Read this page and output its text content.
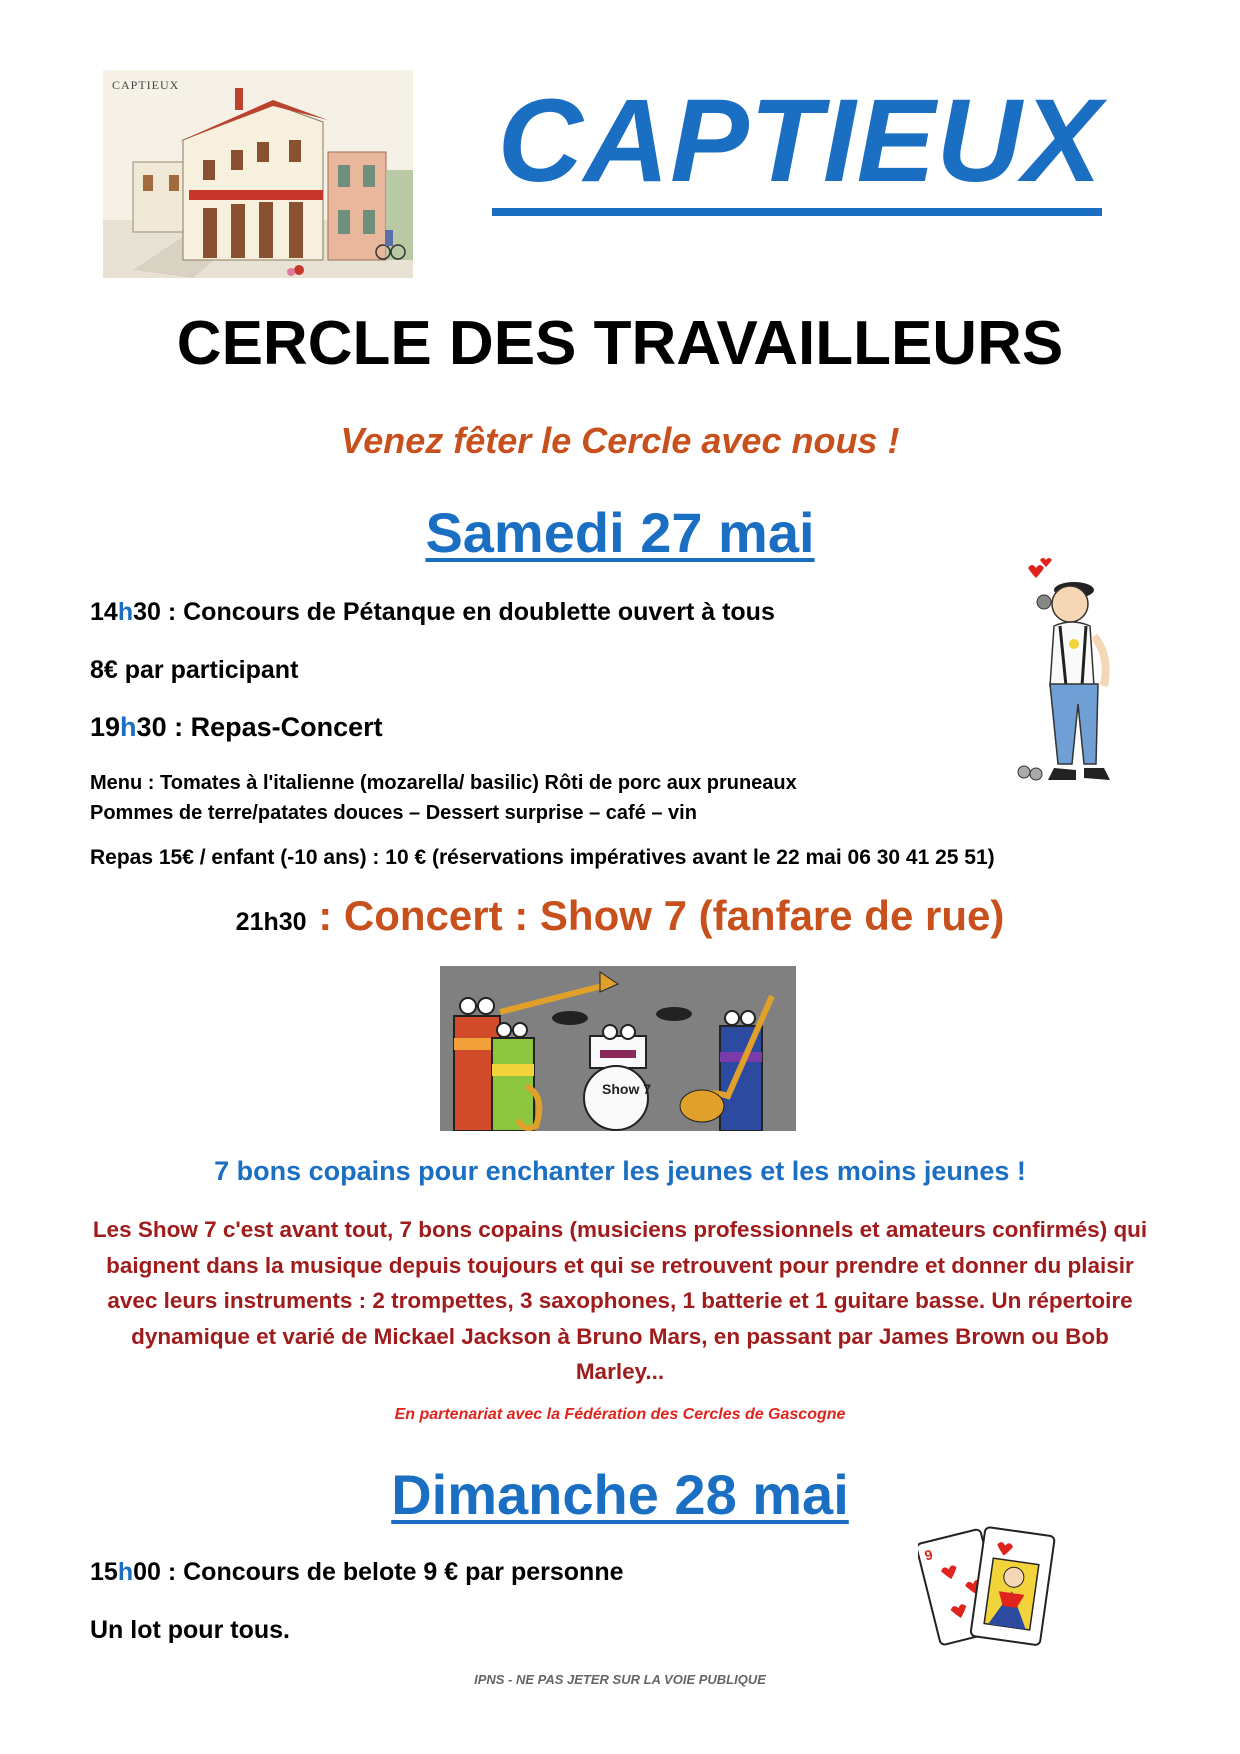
CAPTIEUX	CAPTIEUX
CERCLE DES TRAVAILLEURS
Venez fêter le Cercle avec nous !
Samedi 27 mai
14h30 : Concours de Pétanque en doublette ouvert à tous
8€ par participant
19h30 : Repas-Concert
Menu : Tomates à l'italienne (mozarella/ basilic) Rôti de porc aux pruneaux
Pommes de terre/patates douces – Dessert surprise – café – vin
Repas 15€ / enfant (-10 ans) : 10 € (réservations impératives avant le 22 mai 06 30 41 25 51)
21h30 : Concert : Show 7 (fanfare de rue)
Show 7
7 bons copains pour enchanter les jeunes et les moins jeunes !
Les Show 7 c'est avant tout, 7 bons copains (musiciens professionnels et amateurs confirmés) qui baignent dans la musique depuis toujours et qui se retrouvent pour prendre et donner du plaisir avec leurs instruments : 2 trompettes, 3 saxophones, 1 batterie et 1 guitare basse. Un répertoire dynamique et varié de Mickael Jackson à Bruno Mars, en passant par James Brown ou Bob Marley...
En partenariat avec la Fédération des Cercles de Gascogne
Dimanche 28 mai
15h00 : Concours de belote 9 € par personne
Un lot pour tous.
9
IPNS - NE PAS JETER SUR LA VOIE PUBLIQUE
